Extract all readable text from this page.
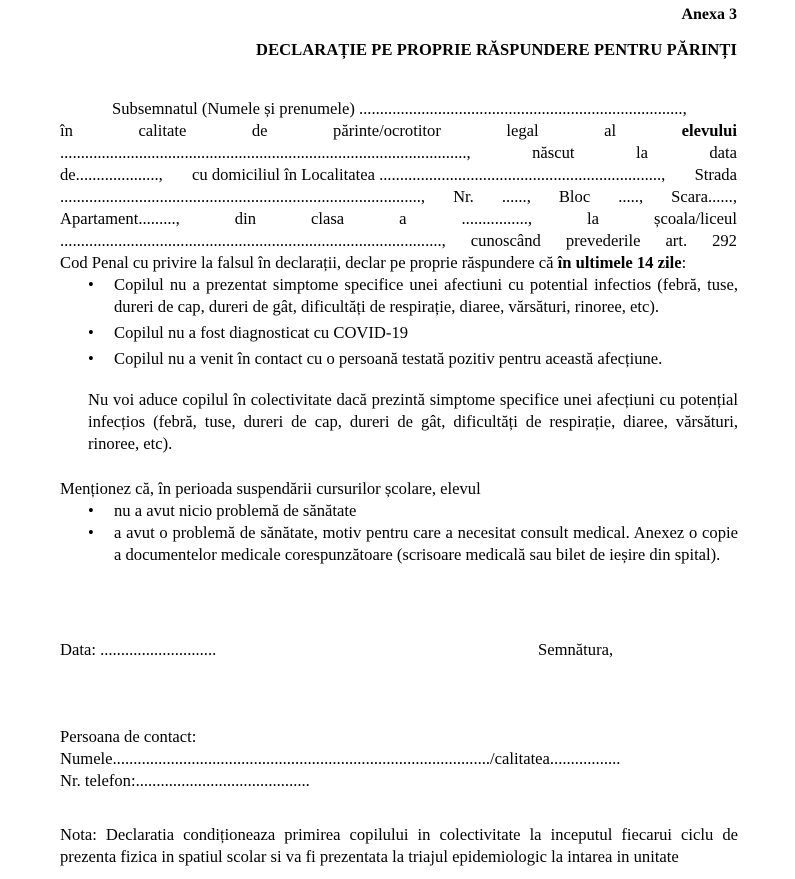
Anexa 3
DECLARAȚIE PE PROPRIE RĂSPUNDERE PENTRU PĂRINȚI
Subsemnatul (Numele și prenumele) ..............................................................................,
în	calitate	de	părinte/ocrotitor	legal	al	elevului
..................................................................................................,	născut	la	data
de...................., cu domiciliul în Localitatea ...................................................................., Strada
......................................................................................., Nr. ......, Bloc ....., Scara......,
Apartament.........,	din	clasa	a	................,	la	școala/liceul
............................................................................................, cunoscând prevederile art. 292
Cod Penal cu privire la falsul în declarații, declar pe proprie răspundere că în ultimele 14 zile:
• Copilul nu a prezentat simptome specifice unei afectiuni cu potential infectios (febră, tuse, dureri de cap, dureri de gât, dificultăți de respirație, diaree, vărsături, rinoree, etc).
• Copilul nu a fost diagnosticat cu COVID-19
• Copilul nu a venit în contact cu o persoană testată pozitiv pentru această afecțiune.
Nu voi aduce copilul în colectivitate dacă prezintă simptome specifice unei afecțiuni cu potențial infecțios (febră, tuse, dureri de cap, dureri de gât, dificultăți de respirație, diaree, vărsături, rinoree, etc).
Menționez că, în perioada suspendării cursurilor școlare, elevul
• nu a avut nicio problemă de sănătate
• a avut o problemă de sănătate, motiv pentru care a necesitat consult medical. Anexez o copie a documentelor medicale corespunzătoare (scrisoare medicală sau bilet de ieșire din spital).
Data: ............................	Semnătura,
Persoana de contact:
Numele.........................................................................................../calitatea.................
Nr. telefon:..........................................
Nota: Declaratia condiționeaza primirea copilului in colectivitate la inceputul fiecarui ciclu de prezenta fizica in spatiul scolar si va fi prezentata la triajul epidemiologic la intarea in unitate
